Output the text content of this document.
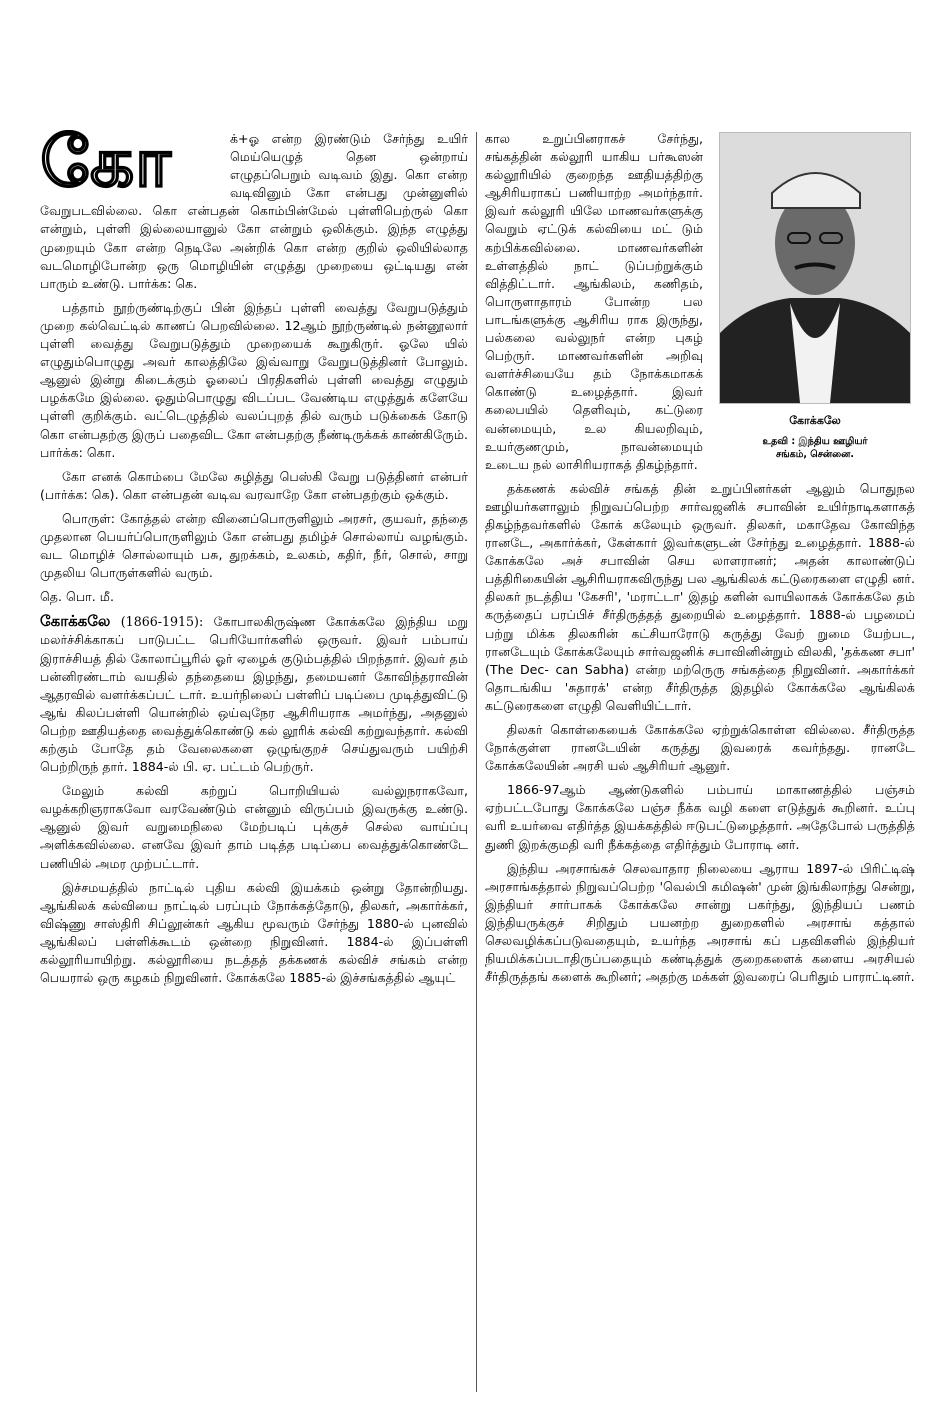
கோ	க்+ஓ என்ற இரண்டும் சேர்ந்து உயிர் மெய்யெழுத் தென ஒன்றாய் எழுதப்பெறும் வடிவம் இது. கொ என்ற வடிவினும் கோ என்பது முன்னுளில் வேறுபடவில்லை. கொ என்பதன் கொம்பின்மேல் புள்ளிபெற்ருல் கொ என்றும், புள்ளி இல்லையானுல் கோ என்றும் ஒலிக்கும். இந்த எழுத்து முறையும் கோ என்ற நெடிலே அன்றிக் கொ என்ற குறில் ஒலியில்லாத வடமொழிபோன்ற ஒரு மொழியின் எழுத்து முறையை ஒட்டியது என் பாரும் உண்டு. பார்க்க: கெ.

பத்தாம் நூற்ருண்டிற்குப் பின் இந்தப் புள்ளி வைத்து வேறுபடுத்தும் முறை கல்வெட்டில் காணப் பெறவில்லை. 12ஆம் நூற்ருண்டில் நன்னூலார் புள்ளி வைத்து வேறுபடுத்தும் முறையைக் கூறுகிருர். ஓலே யில் எழுதும்பொழுது அவர் காலத்திலே இவ்வாறு வேறுபடுத்தினர் போலும். ஆனுல் இன்று கிடைக்கும் ஓலைப் பிரதிகளில் புள்ளி வைத்து எழுதும் பழக்கமே இல்லை. ஓதும்பொழுது விடப்பட வேண்டிய எழுத்துக் களேயே புள்ளி குறிக்கும். வட்டெழுத்தில் வலப்புறத் தில் வரும் படுக்கைக் கோடு கொ என்பதற்கு இருப் பதைவிட கோ என்பதற்கு நீண்டிருக்கக் காண்கிருேம். பார்க்க: கொ.

கோ எனக் கொம்பை மேலே சுழித்து பெஸ்கி வேறு படுத்தினர் என்பர் (பார்க்க: கெ). கொ என்பதன் வடிவ வரவாறே கோ என்பதற்கும் ஒக்கும்.

பொருள்: கோத்தல் என்ற வினைப்பொருளிலும் அரசர், குயவர், தந்தை முதலான பெயர்ப்பொருளிலும் கோ என்பது தமிழ்ச் சொல்லாய் வழங்கும். வட மொழிச் சொல்லாயும் பசு, துறக்கம், உலகம், கதிர், நீர், சொல், சாறு முதலிய பொருள்களில் வரும்.

தெ. பொ. மீ.

கோக்கலே (1866-1915): கோபாலகிருஷ்ண கோக்கலே இந்திய மறு மலர்ச்சிக்காகப் பாடுபட்ட பெரியோர்களில் ஒருவர். இவர் பம்பாய் இராச்சியத் தில் கோலாப்பூரில் ஓர் ஏழைக் குடும்பத்தில் பிறந்தார். இவர் தம் பன்னிரண்டாம் வயதில் தந்தையை இழந்து, தமையனர் கோவிந்தராவின் ஆதரவில் வளர்க்கப்பட் டார். உயர்நிலைப் பள்ளிப் படிப்பை முடித்துவிட்டு ஆங் கிலப்பள்ளி யொன்றில் ஒய்வுநேர ஆசிரியராக அமர்ந்து, அதனுல் பெற்ற ஊதியத்தை வைத்துக்கொண்டு கல் லூரிக் கல்வி கற்றுவந்தார். கல்வி கற்கும் போதே தம் வேலைகளை ஒழுங்குறச் செய்துவரும் பயிற்சி பெற்றிருந் தார். 1884-ல் பி. ஏ. பட்டம் பெற்ருர்.

மேலும் கல்வி கற்றுப் பொறியியல் வல்லுநராகவோ, வழக்கறிஞராகவோ வரவேண்டும் என்னும் விருப்பம் இவருக்கு உண்டு. ஆனுல் இவர் வறுமைநிலை மேற்படிப் புக்குச் செல்ல வாய்ப்பு அளிக்கவில்லை. எனவே இவர் தாம் படித்த படிப்பை வைத்துக்கொண்டே பணியில் அமர முற்பட்டார்.

இச்சமயத்தில் நாட்டில் புதிய கல்வி இயக்கம் ஒன்று தோன்றியது. ஆங்கிலக் கல்வியை நாட்டில் பரப்பும் நோக்கத்தோடு, திலகர், அகார்க்கர், விஷ்ணு சாஸ்திரி சிப்லூன்கர் ஆகிய மூவரும் சேர்ந்து 1880-ல் புனவில் ஆங்கிலப் பள்ளிக்கூடம் ஒன்றை நிறுவினர். 1884-ல் இப்பள்ளி கல்லூரியாயிற்று. கல்லூரியை நடத்தத் தக்கணக் கல்விச் சங்கம் என்ற பெயரால் ஒரு கழகம் நிறுவினர். கோக்கலே 1885-ல் இச்சங்கத்தில் ஆயுட்

கோக்கலே
உதவி : இந்திய ஊழியர்
சங்கம், சென்னை.

கால உறுப்பினராகச் சேர்ந்து, சங்கத்தின் கல்லூரி யாகிய பர்கூஸன் கல்லூரியில் குறைந்த ஊதியத்திற்கு ஆசிரியராகப் பணியாற்ற அமர்ந்தார். இவர் கல்லூரி யிலே மாணவர்களுக்கு வெறும் ஏட்டுக் கல்வியை மட் டும் கற்பிக்கவில்லை. மாணவர்களின் உள்ளத்தில் நாட் டுப்பற்றுக்கும் வித்திட்டார். ஆங்கிலம், கணிதம், பொருளாதாரம் போன்ற பல பாடங்களுக்கு ஆசிரிய ராக இருந்து, பல்கலை வல்லுநர் என்ற புகழ் பெற்ருர். மாணவர்களின் அறிவு வளர்ச்சியையே தம் நோக்கமாகக் கொண்டு உழைத்தார். இவர் கலைபயில் தெளிவும், கட்டுரை வன்மையும், உல கியலறிவும், உயர்குணமும், நாவன்மையும் உடைய நல் லாசிரியராகத் திகழ்ந்தார்.

தக்கணக் கல்விச் சங்கத் தின் உறுப்பினர்கள் ஆலும் பொதுநல ஊழியர்களாலும் நிறுவப்பெற்ற சார்வஜனிக் சபாவின் உயிர்நாடிகளாகத் திகழ்ந்தவர்களில் கோக் கலேயும் ஒருவர். திலகர், மகாதேவ கோவிந்த ரானடே, அகார்க்கர், கேள்கார் இவர்களுடன் சேர்ந்து உழைத்தார். 1888-ல் கோக்கலே அச் சபாவின் செய லாளரானர்; அதன் காலாண்டுப் பத்திரிகையின் ஆசிரியராகவிருந்து பல ஆங்கிலக் கட்டுரைகளை எழுதி னர். திலகர் நடத்திய 'கேசரி', 'மராட்டா' இதழ் களின் வாயிலாகக் கோக்கலே தம் கருத்தைப் பரப்பிச் சீர்திருத்தத் துறையில் உழைத்தார். 1888-ல் பழமைப் பற்று மிக்க திலகரின் கட்சியாரோடு கருத்து வேற் றுமை யேற்பட, ரானடேயும் கோக்கலேயும் சார்வஜனிக் சபாவினின்றும் விலகி, 'தக்கண சபா' (The Dec- can Sabha) என்ற மற்ருெரு சங்கத்தை நிறுவினர். அகார்க்கர் தொடங்கிய 'சுதாரக்' என்ற சீர்திருத்த இதழில் கோக்கலே ஆங்கிலக் கட்டுரைகளை எழுதி வெளியிட்டார்.

திலகர் கொள்கையைக் கோக்கலே ஏற்றுக்கொள்ள வில்லை. சீர்திருத்த நோக்குள்ள ரானடேயின் கருத்து இவரைக் கவர்ந்தது. ரானடே கோக்கலேயின் அரசி யல் ஆசிரியர் ஆனுர்.

1866-97ஆம் ஆண்டுகளில் பம்பாய் மாகாணத்தில் பஞ்சம் ஏற்பட்டபோது கோக்கலே பஞ்ச நீக்க வழி களை எடுத்துக் கூறினர். உப்பு வரி உயர்வை எதிர்த்த இயக்கத்தில் ஈடுபட்டுழைத்தார். அதேபோல் பருத்தித் துணி இறக்குமதி வரி நீக்கத்தை எதிர்த்தும் போராடி னர்.

இந்திய அரசாங்கச் செலவாதார நிலையை ஆராய 1897-ல் பிரிட்டிஷ் அரசாங்கத்தால் நிறுவப்பெற்ற 'வெல்பி கமிஷன்' முன் இங்கிலாந்து சென்று, இந்தியர் சார்பாகக் கோக்கலே சான்று பகர்ந்து, இந்தியப் பணம் இந்தியருக்குச் சிறிதும் பயனற்ற துறைகளில் அரசாங் கத்தால் செலவழிக்கப்படுவதையும், உயர்ந்த அரசாங் கப் பதவிகளில் இந்தியர் நியமிக்கப்படாதிருப்பதையும் கண்டித்துக் குறைகளைக் களைய அரசியல் சீர்திருத்தங் களைக் கூறினர்; அதற்கு மக்கள் இவரைப் பெரிதும் பாராட்டினர்.
